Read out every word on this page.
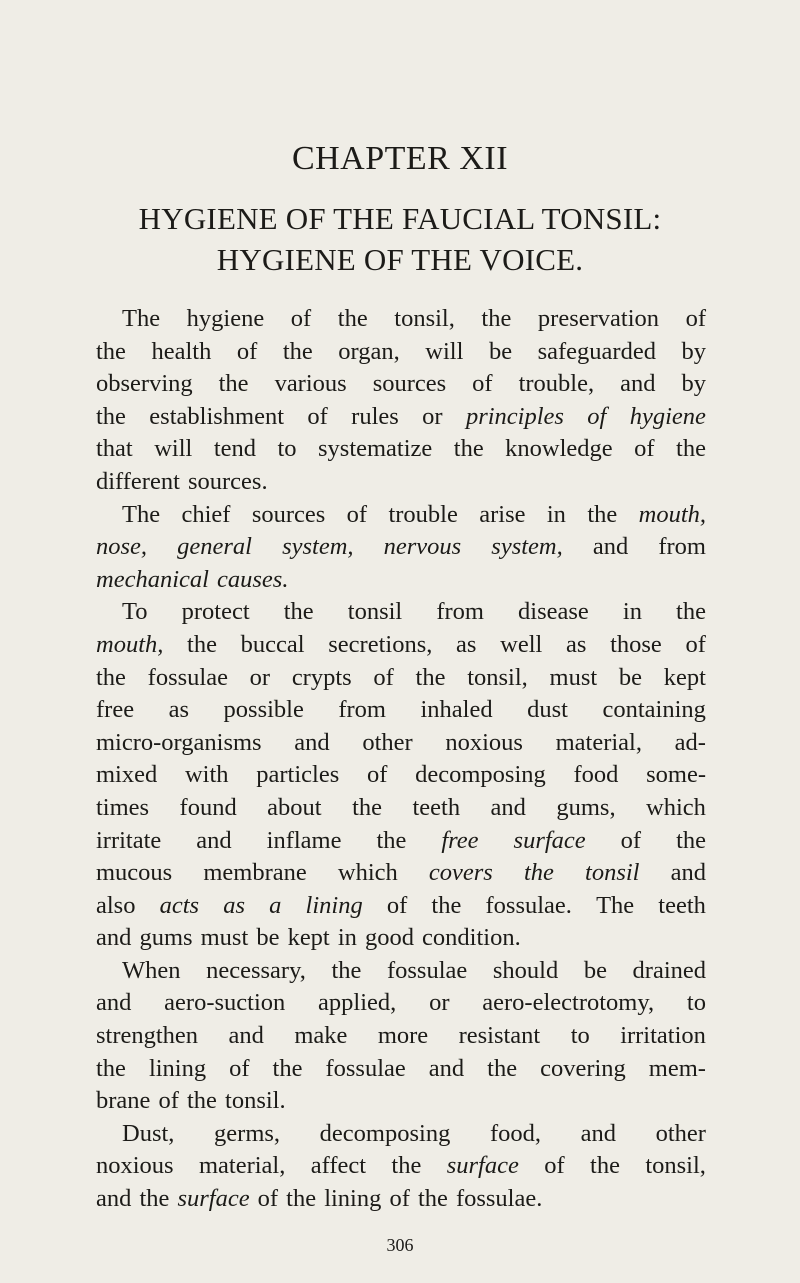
CHAPTER XII
HYGIENE OF THE FAUCIAL TONSIL:
HYGIENE OF THE VOICE.
The hygiene of the tonsil, the preservation of
the health of the organ, will be safeguarded by
observing the various sources of trouble, and by
the establishment of rules or principles of hygiene
that will tend to systematize the knowledge of the
different sources.
The chief sources of trouble arise in the mouth,
nose, general system, nervous system, and from
mechanical causes.
To protect the tonsil from disease in the
mouth, the buccal secretions, as well as those of
the fossulae or crypts of the tonsil, must be kept
free as possible from inhaled dust containing
micro-organisms and other noxious material, ad-
mixed with particles of decomposing food some-
times found about the teeth and gums, which
irritate and inflame the free surface of the
mucous membrane which covers the tonsil and
also acts as a lining of the fossulae. The teeth
and gums must be kept in good condition.
When necessary, the fossulae should be drained
and aero-suction applied, or aero-electrotomy, to
strengthen and make more resistant to irritation
the lining of the fossulae and the covering mem-
brane of the tonsil.
Dust, germs, decomposing food, and other
noxious material, affect the surface of the tonsil,
and the surface of the lining of the fossulae.
306
